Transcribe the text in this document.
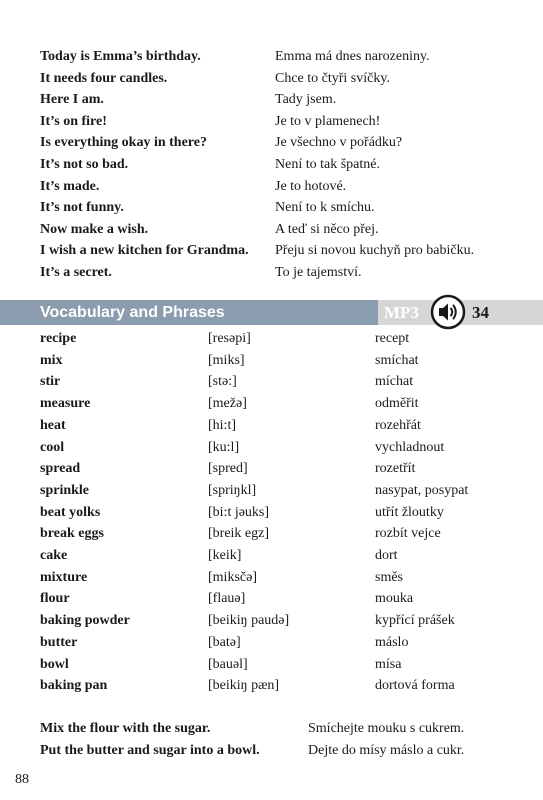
Today is Emma’s birthday.	Emma má dnes narozeniny.
It needs four candles.	Chce to čtyři svíčky.
Here I am.	Tady jsem.
It’s on fire!	Je to v plamenech!
Is everything okay in there?	Je všechno v pořádku?
It’s not so bad.	Není to tak špatné.
It’s made.	Je to hotové.
It’s not funny.	Není to k smíchu.
Now make a wish.	A teď si něco přej.
I wish a new kitchen for Grandma. Přeju si novou kuchyň pro babičku.
It’s a secret.	To je tajemství.
Vocabulary and Phrases	MP3	34
recipe	[resəpi]	recept
mix	[miks]	smíchat
stir	[stə:]	míchat
measure	[mežə]	odměřit
heat	[hi:t]	rozehřát
cool	[ku:l]	vychladnout
spread	[spred]	rozetřít
sprinkle	[spriŋkl]	nasypat, posypat
beat yolks	[bi:t jəuks]	utřít žloutky
break eggs	[breik egz]	rozbít vejce
cake	[keik]	dort
mixture	[miksčə]	směs
flour	[flauə]	mouka
baking powder	[beikiŋ paudə]	kypřící prášek
butter	[batə]	máslo
bowl	[bauəl]	mísa
baking pan	[beikiŋ pæn]	dortová forma
Mix the flour with the sugar.	Smíchejte mouku s cukrem.
Put the butter and sugar into a bowl.	Dejte do mísy máslo a cukr.
88
